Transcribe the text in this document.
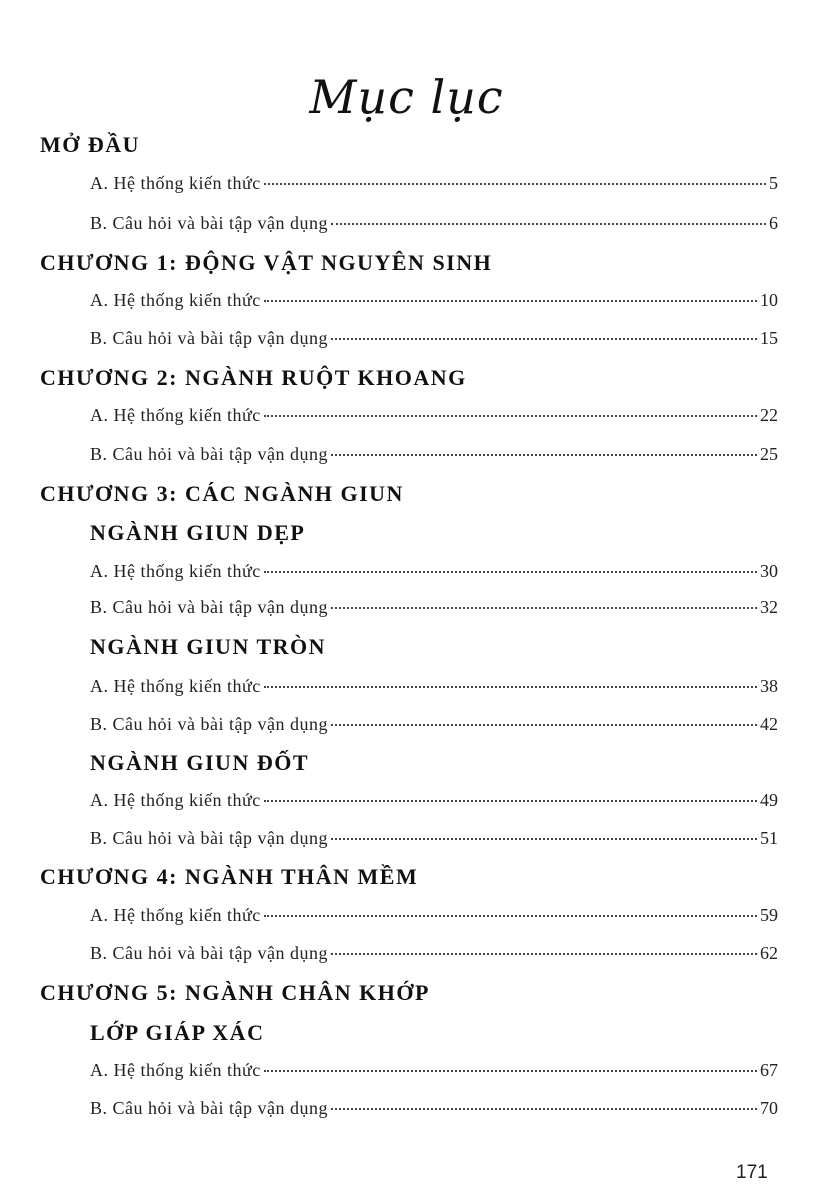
Mục lục
MỞ ĐẦU
A. Hệ thống kiến thức	5
B. Câu hỏi và bài tập vận dụng	6
CHƯƠNG 1: ĐỘNG VẬT NGUYÊN SINH
A. Hệ thống kiến thức	10
B. Câu hỏi và bài tập vận dụng	15
CHƯƠNG 2: NGÀNH RUỘT KHOANG
A. Hệ thống kiến thức	22
B. Câu hỏi và bài tập vận dụng	25
CHƯƠNG 3: CÁC NGÀNH GIUN
NGÀNH GIUN DẸP
A. Hệ thống kiến thức	30
B. Câu hỏi và bài tập vận dụng	32
NGÀNH GIUN TRÒN
A. Hệ thống kiến thức	38
B. Câu hỏi và bài tập vận dụng	42
NGÀNH GIUN ĐỐT
A. Hệ thống kiến thức	49
B. Câu hỏi và bài tập vận dụng	51
CHƯƠNG 4: NGÀNH THÂN MỀM
A. Hệ thống kiến thức	59
B. Câu hỏi và bài tập vận dụng	62
CHƯƠNG 5: NGÀNH CHÂN KHỚP
LỚP GIÁP XÁC
A. Hệ thống kiến thức	67
B. Câu hỏi và bài tập vận dụng	70
171
